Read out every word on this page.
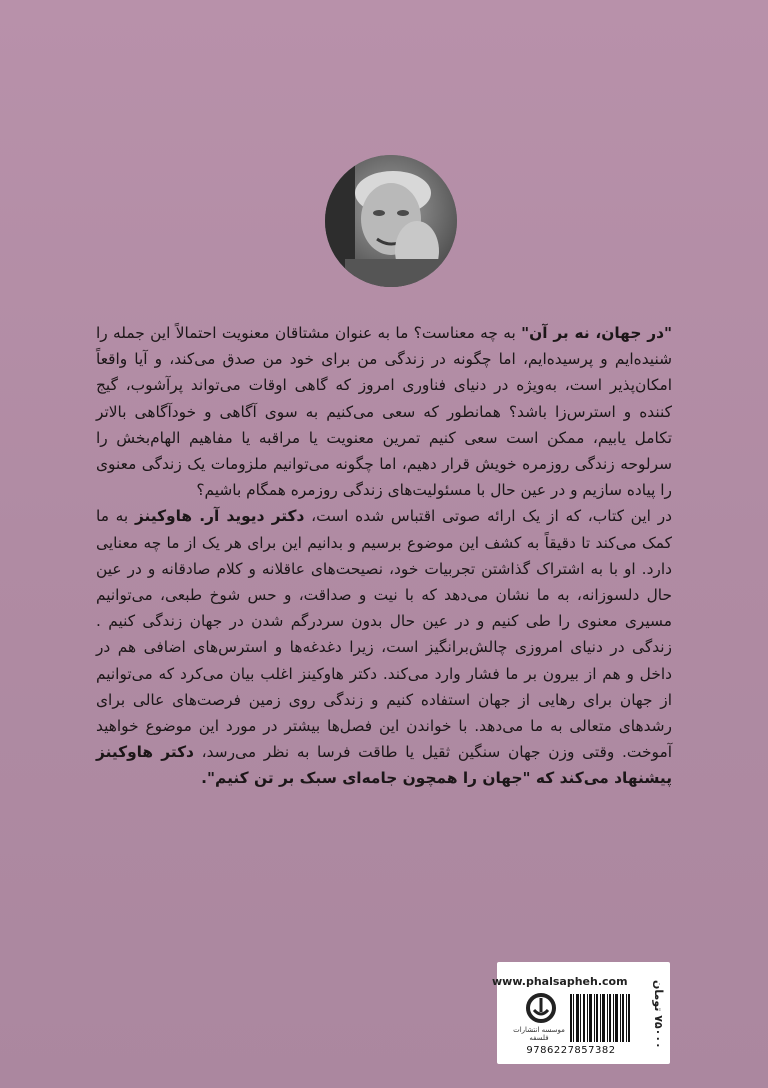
"در جهان، نه بر آن" به چه معناست؟ ما به عنوان مشتاقان معنویت احتمالاً این جمله را شنیده‌ایم و پرسیده‌ایم، اما چگونه در زندگی من برای خود من صدق می‌کند، و آیا واقعاً امکان‌پذیر است، به‌ویژه در دنیای فناوری امروز که گاهی اوقات می‌تواند پرآشوب، گیج کننده و استرس‌زا باشد؟ همانطور که سعی می‌کنیم به سوی آگاهی و خودآگاهی بالاتر تکامل یابیم، ممکن است سعی کنیم تمرین معنویت یا مراقبه یا مفاهیم الهام‌بخش را سرلوحه زندگی روزمره خویش قرار دهیم، اما چگونه می‌توانیم ملزومات یک زندگی معنوی را پیاده سازیم و در عین حال با مسئولیت‌های زندگی روزمره همگام باشیم؟

در این کتاب، که از یک ارائه صوتی اقتباس شده است، دکتر دیوید آر. هاوکینز به ما کمک می‌کند تا دقیقاً به کشف این موضوع برسیم و بدانیم این برای هر یک از ما چه معنایی دارد. او با به اشتراک گذاشتن تجربیات خود، نصیحت‌های عاقلانه و کلام صادقانه و در عین حال دلسوزانه، به ما نشان می‌دهد که با نیت و صداقت، و حس شوخ طبعی، می‌توانیم مسیری معنوی را طی کنیم و در عین حال بدون سردرگم شدن در جهان زندگی کنیم . زندگی در دنیای امروزی چالش‌برانگیز است، زیرا دغدغه‌ها و استرس‌های اضافی هم در داخل و هم از بیرون بر ما فشار وارد می‌کند. دکتر هاوکینز اغلب بیان می‌کرد که می‌توانیم از جهان برای رهایی از جهان استفاده کنیم و زندگی روی زمین فرصت‌های عالی برای رشدهای متعالی به ما می‌دهد. با خواندن این فصل‌ها بیشتر در مورد این موضوع خواهید آموخت. وقتی وزن جهان سنگین ثقیل یا طاقت فرسا به نظر می‌رسد، دکتر هاوکینز پیشنهاد می‌کند که "جهان را همچون جامه‌ای سبک بر تن کنیم".

www.phalsapheh.com
موسسه انتشارات فلسفه
9786227857382
۷۵۰۰۰ تومان
